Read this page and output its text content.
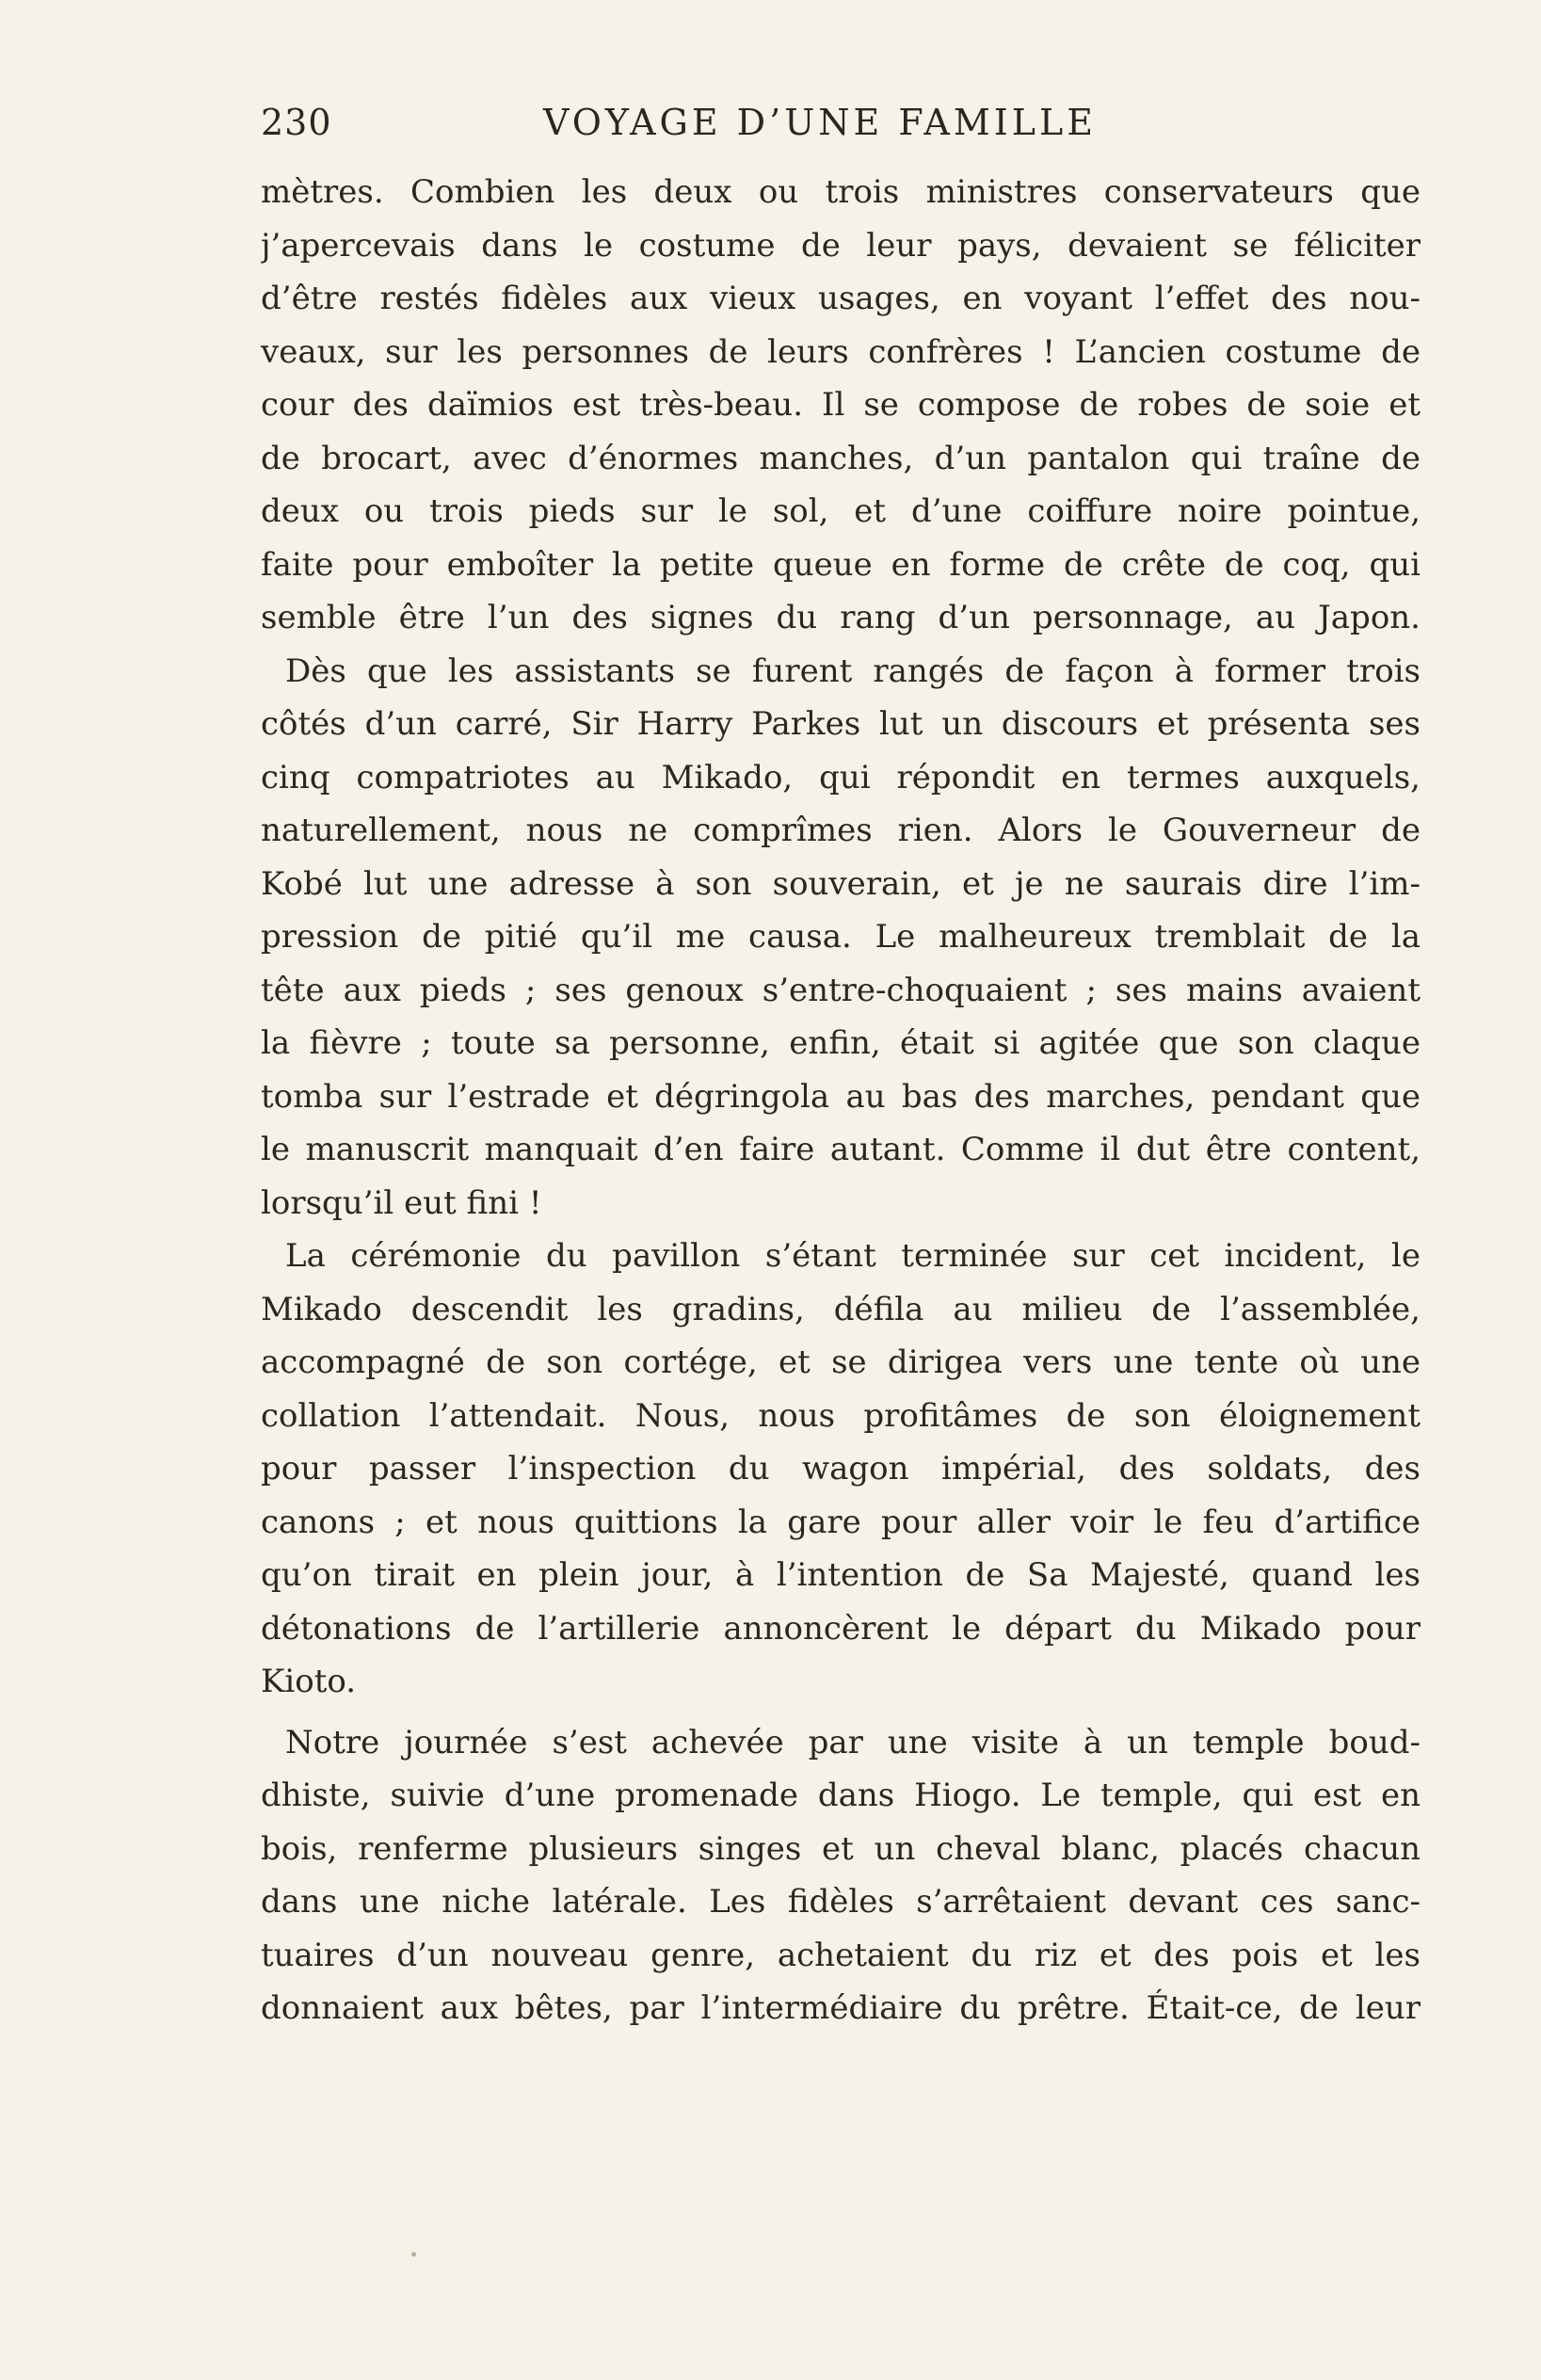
230	VOYAGE D’UNE FAMILLE
mètres. Combien les deux ou trois ministres conservateurs que
j’apercevais dans le costume de leur pays, devaient se féliciter
d’être restés fidèles aux vieux usages, en voyant l’effet des nou-
veaux, sur les personnes de leurs confrères ! L’ancien costume de
cour des daïmios est très-beau. Il se compose de robes de soie et
de brocart, avec d’énormes manches, d’un pantalon qui traîne de
deux ou trois pieds sur le sol, et d’une coiffure noire pointue,
faite pour emboîter la petite queue en forme de crête de coq, qui
semble être l’un des signes du rang d’un personnage, au Japon.
Dès que les assistants se furent rangés de façon à former trois
côtés d’un carré, Sir Harry Parkes lut un discours et présenta ses
cinq compatriotes au Mikado, qui répondit en termes auxquels,
naturellement, nous ne comprîmes rien. Alors le Gouverneur de
Kobé lut une adresse à son souverain, et je ne saurais dire l’im-
pression de pitié qu’il me causa. Le malheureux tremblait de la
tête aux pieds ; ses genoux s’entre-choquaient ; ses mains avaient
la fièvre ; toute sa personne, enfin, était si agitée que son claque
tomba sur l’estrade et dégringola au bas des marches, pendant que
le manuscrit manquait d’en faire autant. Comme il dut être content,
lorsqu’il eut fini !
La cérémonie du pavillon s’étant terminée sur cet incident, le
Mikado descendit les gradins, défila au milieu de l’assemblée,
accompagné de son cortége, et se dirigea vers une tente où une
collation l’attendait. Nous, nous profitâmes de son éloignement
pour passer l’inspection du wagon impérial, des soldats, des
canons ; et nous quittions la gare pour aller voir le feu d’artifice
qu’on tirait en plein jour, à l’intention de Sa Majesté, quand les
détonations de l’artillerie annoncèrent le départ du Mikado pour
Kioto.
Notre journée s’est achevée par une visite à un temple boud-
dhiste, suivie d’une promenade dans Hiogo. Le temple, qui est en
bois, renferme plusieurs singes et un cheval blanc, placés chacun
dans une niche latérale. Les fidèles s’arrêtaient devant ces sanc-
tuaires d’un nouveau genre, achetaient du riz et des pois et les
donnaient aux bêtes, par l’intermédiaire du prêtre. Était-ce, de leur
